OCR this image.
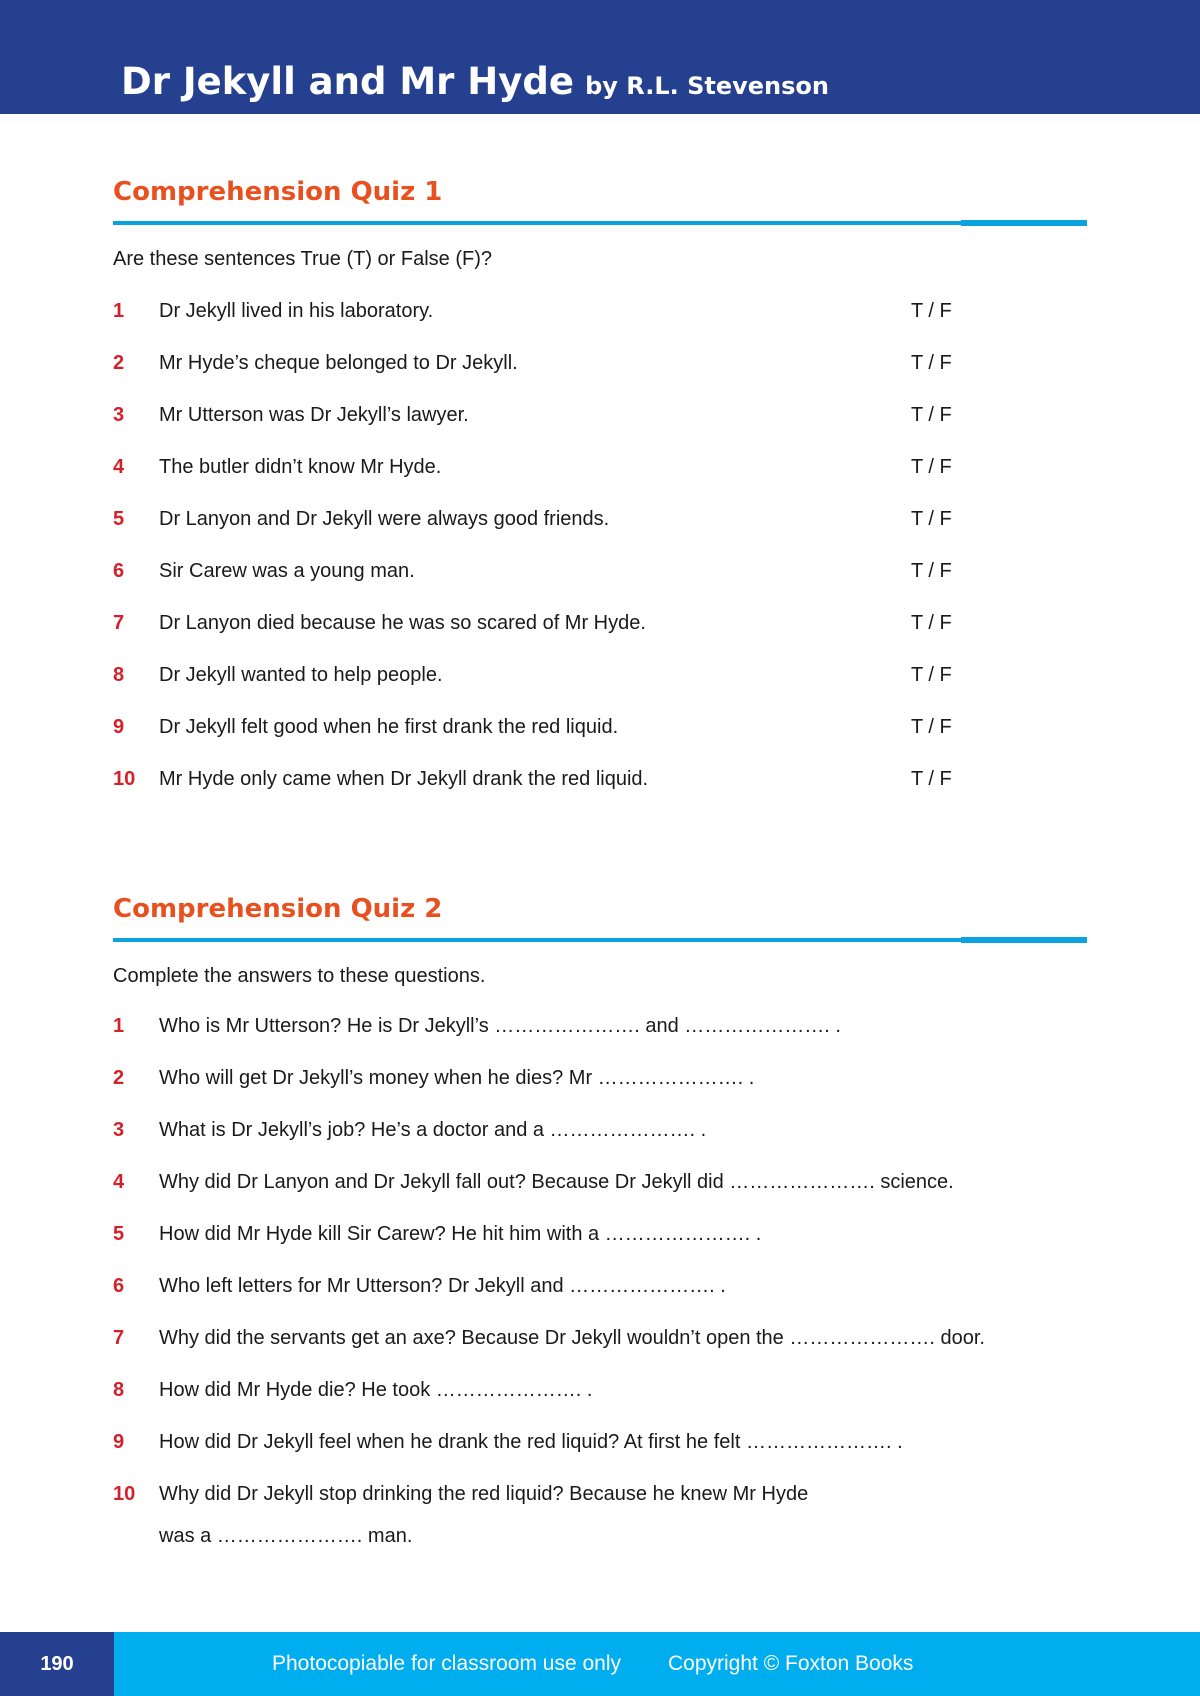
Dr Jekyll and Mr Hyde by R.L. Stevenson
Comprehension Quiz 1

Are these sentences True (T) or False (F)?

1 Dr Jekyll lived in his laboratory.	T / F
2 Mr Hyde’s cheque belonged to Dr Jekyll.	T / F
3 Mr Utterson was Dr Jekyll’s lawyer.	T / F
4 The butler didn’t know Mr Hyde.	T / F
5 Dr Lanyon and Dr Jekyll were always good friends.	T / F
6 Sir Carew was a young man.	T / F
7 Dr Lanyon died because he was so scared of Mr Hyde.	T / F
8 Dr Jekyll wanted to help people.	T / F
9 Dr Jekyll felt good when he first drank the red liquid.	T / F
10 Mr Hyde only came when Dr Jekyll drank the red liquid.	T / F
Comprehension Quiz 2

Complete the answers to these questions.

1 Who is Mr Utterson? He is Dr Jekyll’s …………………. and …………………. .
2 Who will get Dr Jekyll’s money when he dies? Mr …………………. .
3 What is Dr Jekyll’s job? He’s a doctor and a …………………. .
4 Why did Dr Lanyon and Dr Jekyll fall out? Because Dr Jekyll did …………………. science.
5 How did Mr Hyde kill Sir Carew? He hit him with a …………………. .
6 Who left letters for Mr Utterson? Dr Jekyll and …………………. .
7 Why did the servants get an axe? Because Dr Jekyll wouldn’t open the …………………. door.
8 How did Mr Hyde die? He took …………………. .
9 How did Dr Jekyll feel when he drank the red liquid? At first he felt …………………. .
10 Why did Dr Jekyll stop drinking the red liquid? Because he knew Mr Hyde
was a …………………. man.
190	Photocopiable for classroom use only Copyright © Foxton Books
